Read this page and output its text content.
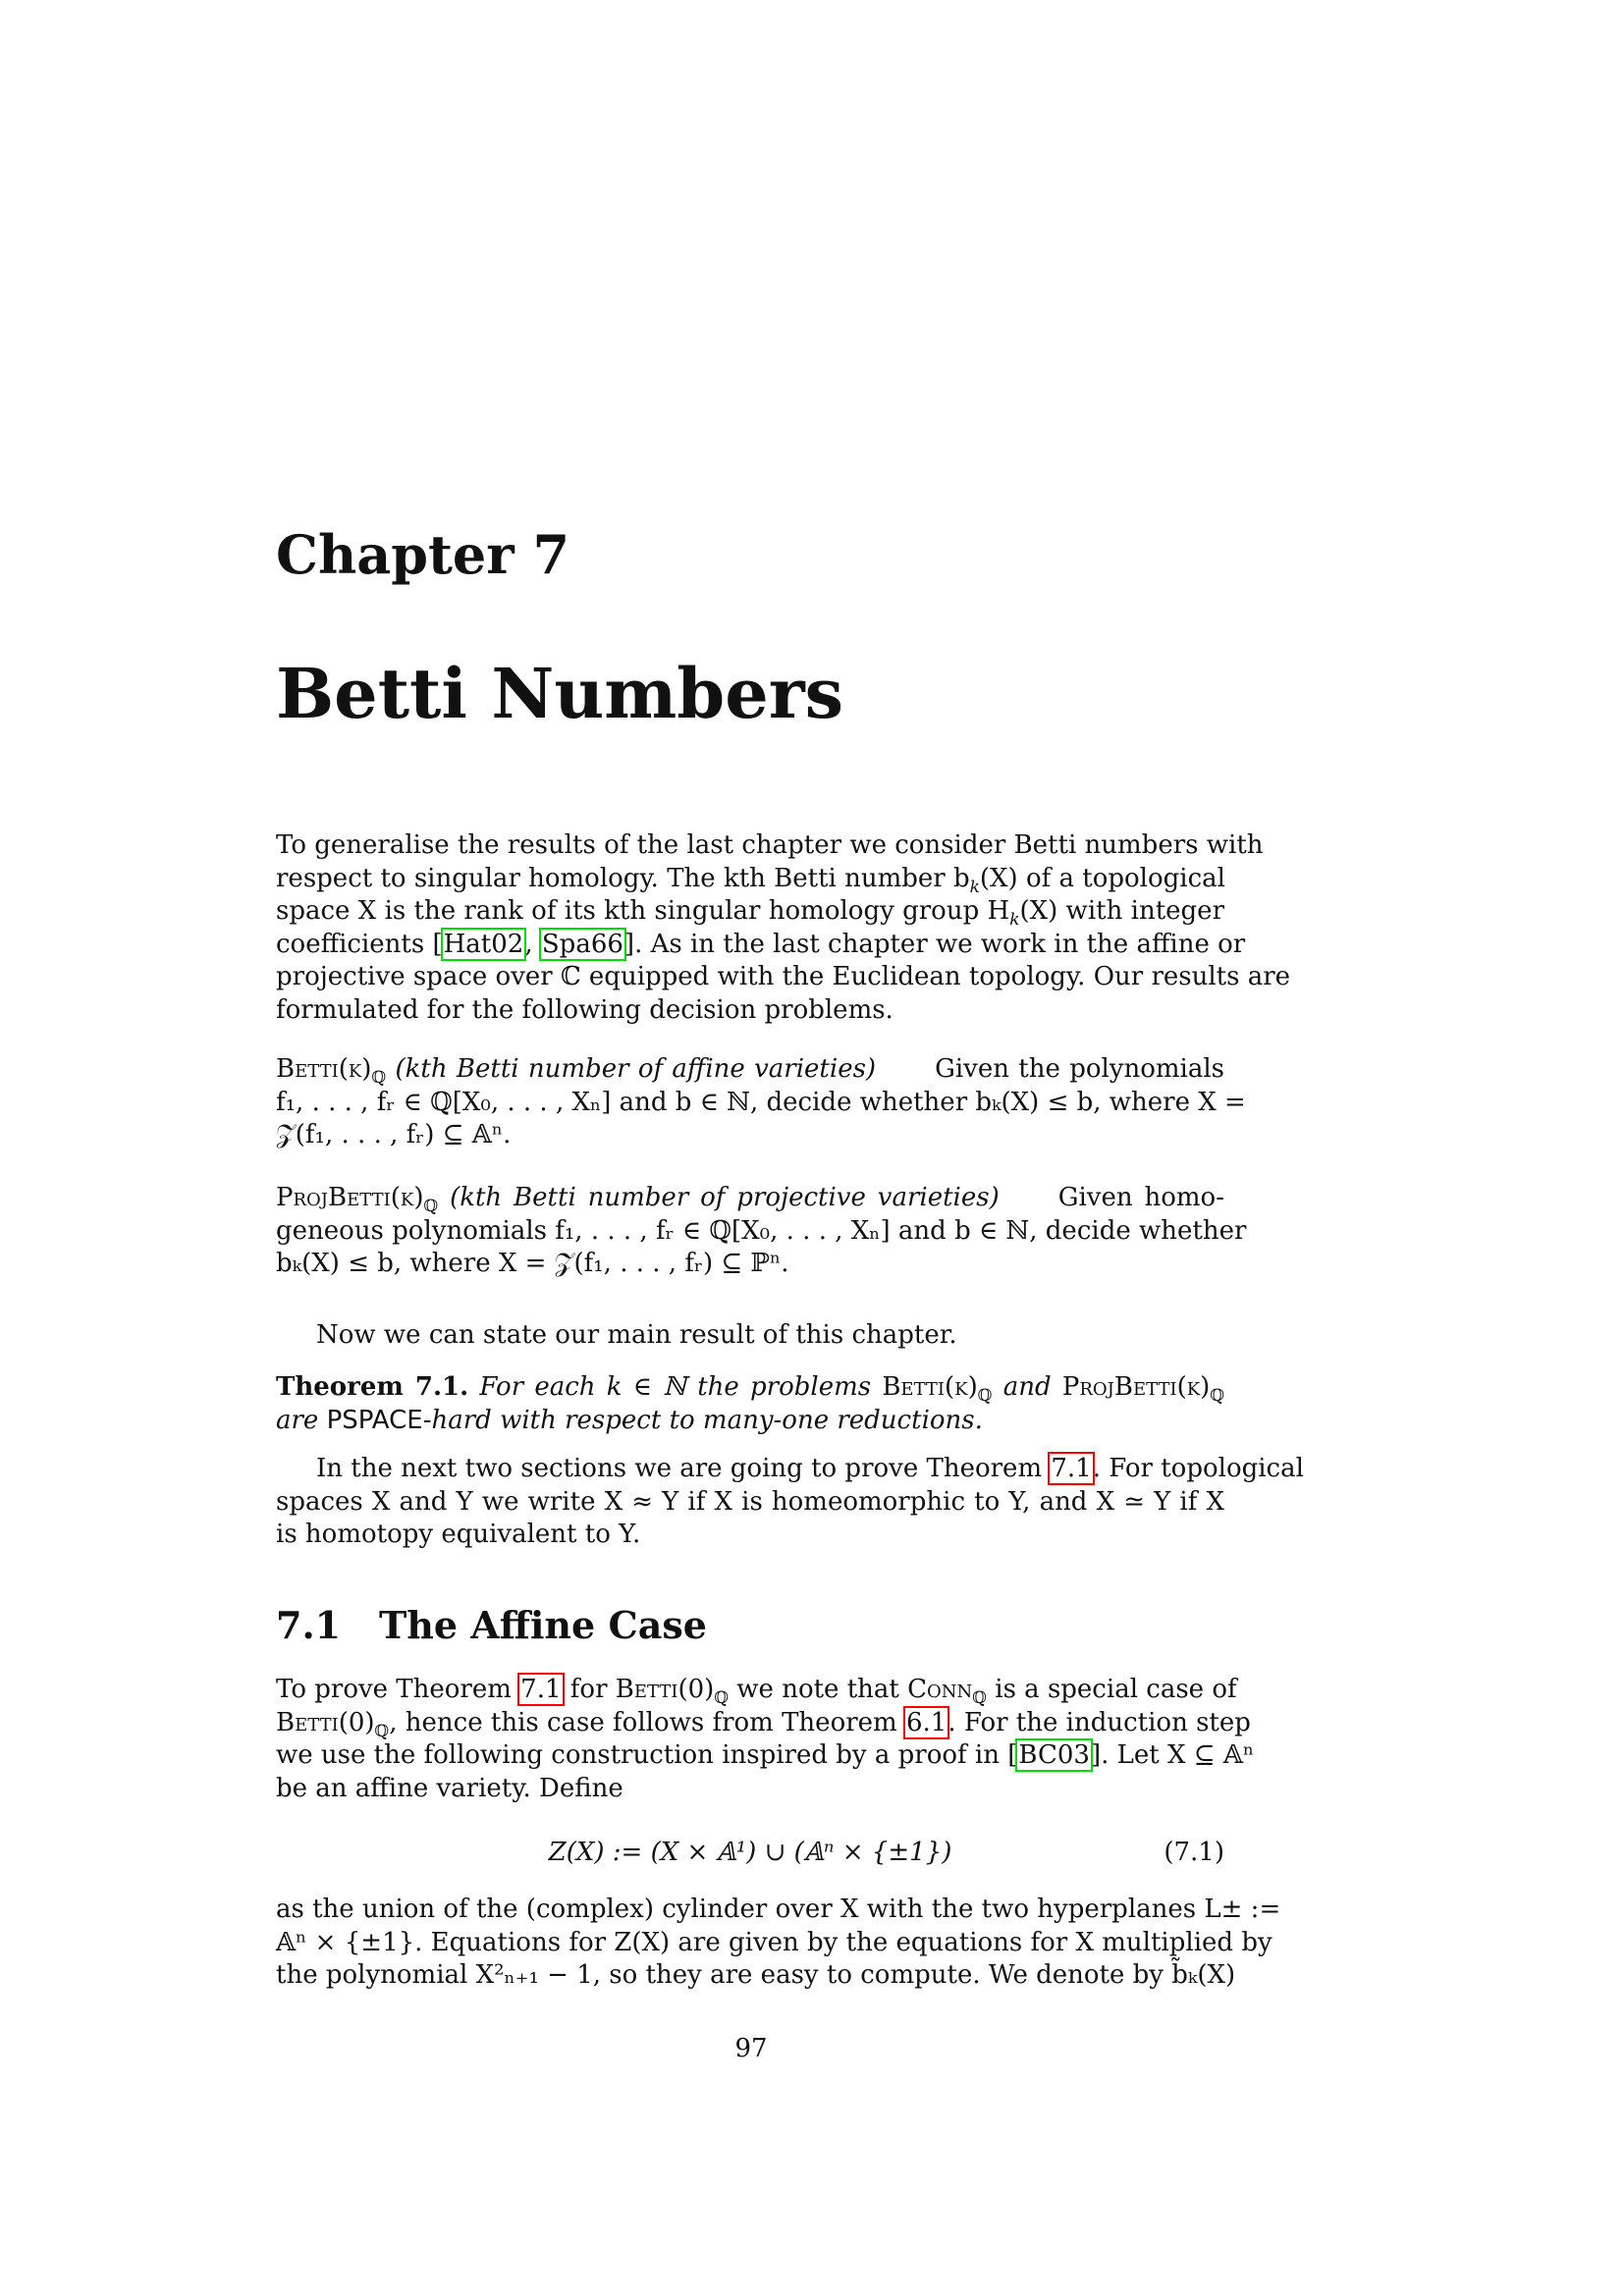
Chapter 7
Betti Numbers
To generalise the results of the last chapter we consider Betti numbers with
respect to singular homology. The kth Betti number $b_k(X)$ of a topological
space X is the rank of its kth singular homology group $H_k(X)$ with integer
coefficients [Hat02, Spa66]. As in the last chapter we work in the affine or
projective space over ℂ equipped with the Euclidean topology. Our results are
formulated for the following decision problems.
$Betti(k)_ℚ$ (kth Betti number of affine varieties) Given the polynomials
f₁, . . . , fᵣ ∈ ℚ[X₀, . . . , Xₙ] and b ∈ ℕ, decide whether bₖ(X) ≤ b, where X =
𝒵(f₁, . . . , fᵣ) ⊆ 𝔸ⁿ.
$ProjBetti(k)_ℚ$ (kth Betti number of projective varieties) Given homo-
geneous polynomials f₁, . . . , fᵣ ∈ ℚ[X₀, . . . , Xₙ] and b ∈ ℕ, decide whether
bₖ(X) ≤ b, where X = 𝒵(f₁, . . . , fᵣ) ⊆ ℙⁿ.
Now we can state our main result of this chapter.
Theorem 7.1. For each k ∈ ℕ the problems $Betti(k)_ℚ$ and $ProjBetti(k)_ℚ$
are PSPACE-hard with respect to many-one reductions.
In the next two sections we are going to prove Theorem 7.1. For topological
spaces X and Y we write X ≈ Y if X is homeomorphic to Y, and X ≃ Y if X
is homotopy equivalent to Y.
7.1 The Affine Case
To prove Theorem 7.1 for $Betti(0)_ℚ$ we note that Conn$_ℚ$ is a special case of
$Betti(0)_ℚ$, hence this case follows from Theorem 6.1. For the induction step
we use the following construction inspired by a proof in [BC03]. Let X ⊆ 𝔸ⁿ
be an affine variety. Define
Z(X) := (X × 𝔸¹) ∪ (𝔸ⁿ × {±1})	(7.1)
as the union of the (complex) cylinder over X with the two hyperplanes L± :=
𝔸ⁿ × {±1}. Equations for Z(X) are given by the equations for X multiplied by
the polynomial X²ₙ₊₁ − 1, so they are easy to compute. We denote by b̃ₖ(X)
97
